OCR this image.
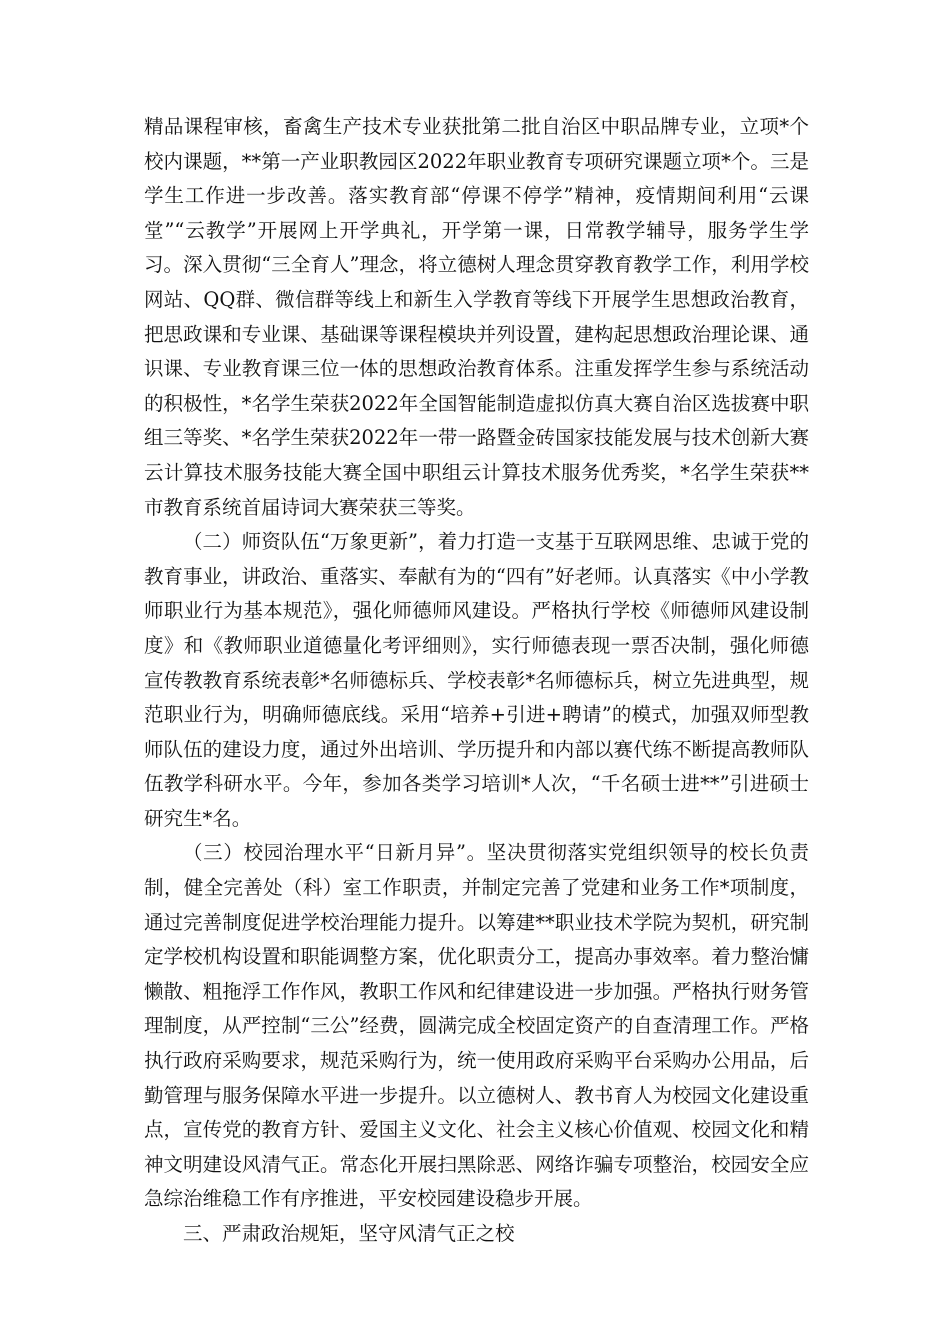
精品课程审核，畜禽生产技术专业获批第二批自治区中职品牌专业，立项*个校内课题，**第一产业职教园区2022年职业教育专项研究课题立项*个。三是学生工作进一步改善。落实教育部“停课不停学”精神，疫情期间利用“云课堂”“云教学”开展网上开学典礼，开学第一课，日常教学辅导，服务学生学习。深入贯彻“三全育人”理念，将立德树人理念贯穿教育教学工作，利用学校网站、QQ群、微信群等线上和新生入学教育等线下开展学生思想政治教育，把思政课和专业课、基础课等课程模块并列设置，建构起思想政治理论课、通识课、专业教育课三位一体的思想政治教育体系。注重发挥学生参与系统活动的积极性，*名学生荣获2022年全国智能制造虚拟仿真大赛自治区选拔赛中职组三等奖、*名学生荣获2022年一带一路暨金砖国家技能发展与技术创新大赛云计算技术服务技能大赛全国中职组云计算技术服务优秀奖，*名学生荣获**市教育系统首届诗词大赛荣获三等奖。

（二）师资队伍“万象更新”，着力打造一支基于互联网思维、忠诚于党的教育事业，讲政治、重落实、奉献有为的“四有”好老师。认真落实《中小学教师职业行为基本规范》，强化师德师风建设。严格执行学校《师德师风建设制度》和《教师职业道德量化考评细则》，实行师德表现一票否决制，强化师德宣传教教育系统表彰*名师德标兵、学校表彰*名师德标兵，树立先进典型，规范职业行为，明确师德底线。采用“培养+引进+聘请”的模式，加强双师型教师队伍的建设力度，通过外出培训、学历提升和内部以赛代练不断提高教师队伍教学科研水平。今年，参加各类学习培训*人次，“千名硕士进**”引进硕士研究生*名。

（三）校园治理水平“日新月异”。坚决贯彻落实党组织领导的校长负责制，健全完善处（科）室工作职责，并制定完善了党建和业务工作*项制度，通过完善制度促进学校治理能力提升。以筹建**职业技术学院为契机，研究制定学校机构设置和职能调整方案，优化职责分工，提高办事效率。着力整治慵懒散、粗拖浮工作作风，教职工作风和纪律建设进一步加强。严格执行财务管理制度，从严控制“三公”经费，圆满完成全校固定资产的自查清理工作。严格执行政府采购要求，规范采购行为，统一使用政府采购平台采购办公用品，后勤管理与服务保障水平进一步提升。以立德树人、教书育人为校园文化建设重点，宣传党的教育方针、爱国主义文化、社会主义核心价值观、校园文化和精神文明建设风清气正。常态化开展扫黑除恶、网络诈骗专项整治，校园安全应急综治维稳工作有序推进，平安校园建设稳步开展。

三、严肃政治规矩，坚守风清气正之校
